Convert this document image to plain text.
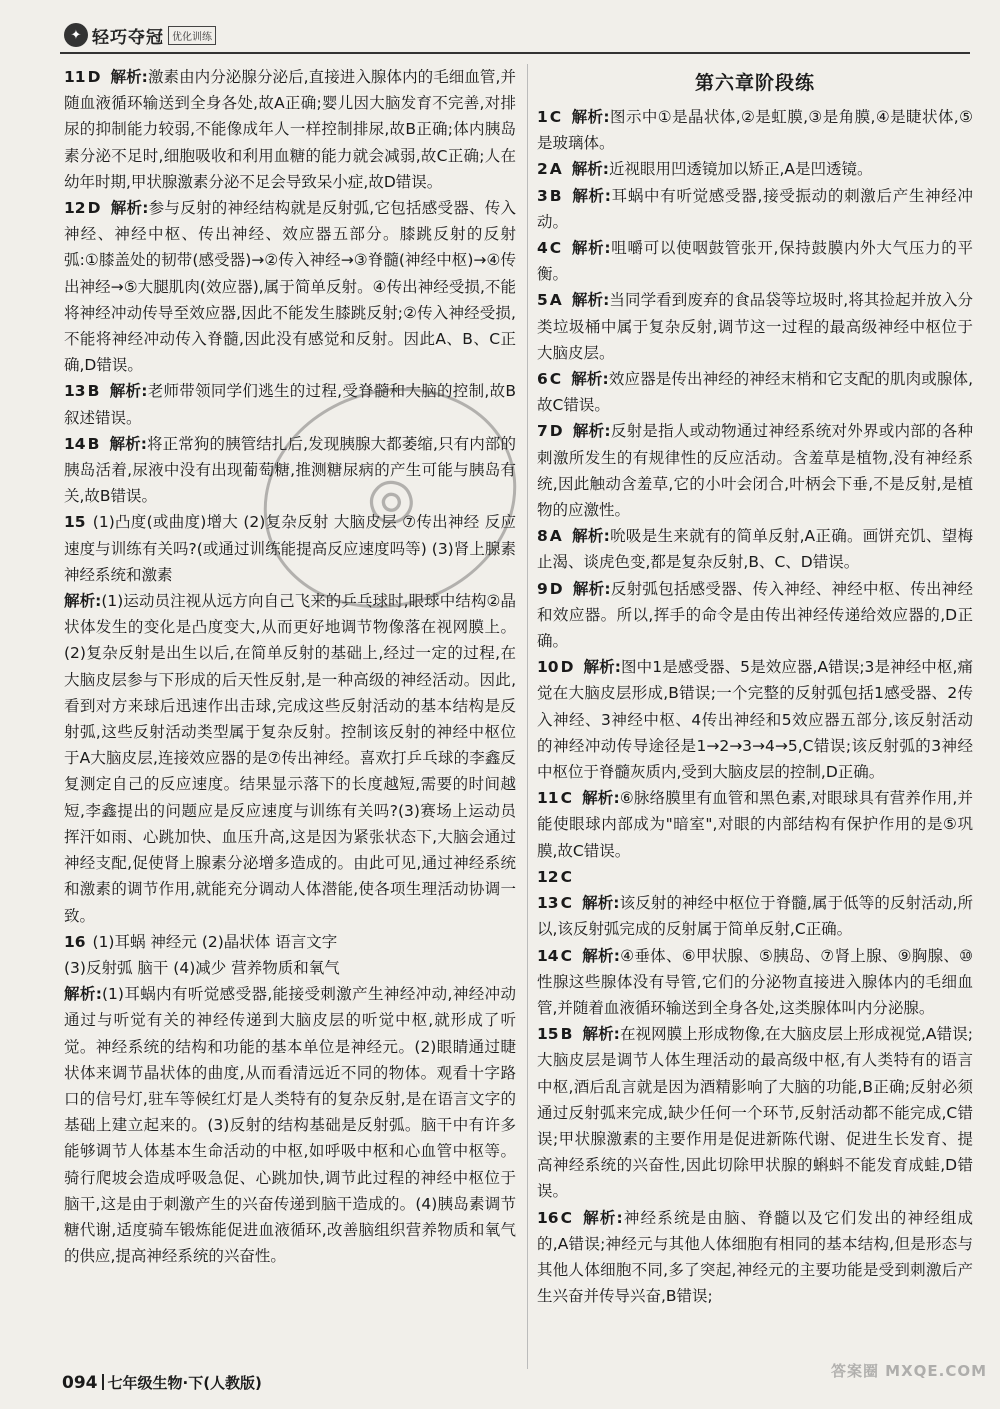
✦ 轻巧夺冠 优化训练
11 D 解析:激素由内分泌腺分泌后,直接进入腺体内的毛细血管,并随血液循环输送到全身各处,故A正确;婴儿因大脑发育不完善,对排尿的抑制能力较弱,不能像成年人一样控制排尿,故B正确;体内胰岛素分泌不足时,细胞吸收和利用血糖的能力就会减弱,故C正确;人在幼年时期,甲状腺激素分泌不足会导致呆小症,故D错误。
12 D 解析:参与反射的神经结构就是反射弧,它包括感受器、传入神经、神经中枢、传出神经、效应器五部分。膝跳反射的反射弧:①膝盖处的韧带(感受器)→②传入神经→③脊髓(神经中枢)→④传出神经→⑤大腿肌肉(效应器),属于简单反射。④传出神经受损,不能将神经冲动传导至效应器,因此不能发生膝跳反射;②传入神经受损,不能将神经冲动传入脊髓,因此没有感觉和反射。因此A、B、C正确,D错误。
13 B 解析:老师带领同学们逃生的过程,受脊髓和大脑的控制,故B叙述错误。
14 B 解析:将正常狗的胰管结扎后,发现胰腺大都萎缩,只有内部的胰岛活着,尿液中没有出现葡萄糖,推测糖尿病的产生可能与胰岛有关,故B错误。
15 (1)凸度(或曲度)增大 (2)复杂反射 大脑皮层 ⑦传出神经 反应速度与训练有关吗?(或通过训练能提高反应速度吗等) (3)肾上腺素 神经系统和激素
解析:(1)运动员注视从远方向自己飞来的乒乓球时,眼球中结构②晶状体发生的变化是凸度变大,从而更好地调节物像落在视网膜上。(2)复杂反射是出生以后,在简单反射的基础上,经过一定的过程,在大脑皮层参与下形成的后天性反射,是一种高级的神经活动。因此,看到对方来球后迅速作出击球,完成这些反射活动的基本结构是反射弧,这些反射活动类型属于复杂反射。控制该反射的神经中枢位于A大脑皮层,连接效应器的是⑦传出神经。喜欢打乒乓球的李鑫反复测定自己的反应速度。结果显示落下的长度越短,需要的时间越短,李鑫提出的问题应是反应速度与训练有关吗?(3)赛场上运动员挥汗如雨、心跳加快、血压升高,这是因为紧张状态下,大脑会通过神经支配,促使肾上腺素分泌增多造成的。由此可见,通过神经系统和激素的调节作用,就能充分调动人体潜能,使各项生理活动协调一致。
16 (1)耳蜗 神经元 (2)晶状体 语言文字
(3)反射弧 脑干 (4)减少 营养物质和氧气
解析:(1)耳蜗内有听觉感受器,能接受刺激产生神经冲动,神经冲动通过与听觉有关的神经传递到大脑皮层的听觉中枢,就形成了听觉。神经系统的结构和功能的基本单位是神经元。(2)眼睛通过睫状体来调节晶状体的曲度,从而看清远近不同的物体。观看十字路口的信号灯,驻车等候红灯是人类特有的复杂反射,是在语言文字的基础上建立起来的。(3)反射的结构基础是反射弧。脑干中有许多能够调节人体基本生命活动的中枢,如呼吸中枢和心血管中枢等。骑行爬坡会造成呼吸急促、心跳加快,调节此过程的神经中枢位于脑干,这是由于刺激产生的兴奋传递到脑干造成的。(4)胰岛素调节糖代谢,适度骑车锻炼能促进血液循环,改善脑组织营养物质和氧气的供应,提高神经系统的兴奋性。
第六章阶段练
1 C 解析:图示中①是晶状体,②是虹膜,③是角膜,④是睫状体,⑤是玻璃体。
2 A 解析:近视眼用凹透镜加以矫正,A是凹透镜。
3 B 解析:耳蜗中有听觉感受器,接受振动的刺激后产生神经冲动。
4 C 解析:咀嚼可以使咽鼓管张开,保持鼓膜内外大气压力的平衡。
5 A 解析:当同学看到废弃的食品袋等垃圾时,将其捡起并放入分类垃圾桶中属于复杂反射,调节这一过程的最高级神经中枢位于大脑皮层。
6 C 解析:效应器是传出神经的神经末梢和它支配的肌肉或腺体,故C错误。
7 D 解析:反射是指人或动物通过神经系统对外界或内部的各种刺激所发生的有规律性的反应活动。含羞草是植物,没有神经系统,因此触动含羞草,它的小叶会闭合,叶柄会下垂,不是反射,是植物的应激性。
8 A 解析:吮吸是生来就有的简单反射,A正确。画饼充饥、望梅止渴、谈虎色变,都是复杂反射,B、C、D错误。
9 D 解析:反射弧包括感受器、传入神经、神经中枢、传出神经和效应器。所以,挥手的命令是由传出神经传递给效应器的,D正确。
10 D 解析:图中1是感受器、5是效应器,A错误;3是神经中枢,痛觉在大脑皮层形成,B错误;一个完整的反射弧包括1感受器、2传入神经、3神经中枢、4传出神经和5效应器五部分,该反射活动的神经冲动传导途径是1→2→3→4→5,C错误;该反射弧的3神经中枢位于脊髓灰质内,受到大脑皮层的控制,D正确。
11 C 解析:⑥脉络膜里有血管和黑色素,对眼球具有营养作用,并能使眼球内部成为"暗室",对眼的内部结构有保护作用的是⑤巩膜,故C错误。
12 C
13 C 解析:该反射的神经中枢位于脊髓,属于低等的反射活动,所以,该反射弧完成的反射属于简单反射,C正确。
14 C 解析:④垂体、⑥甲状腺、⑤胰岛、⑦肾上腺、⑨胸腺、⑩性腺这些腺体没有导管,它们的分泌物直接进入腺体内的毛细血管,并随着血液循环输送到全身各处,这类腺体叫内分泌腺。
15 B 解析:在视网膜上形成物像,在大脑皮层上形成视觉,A错误;大脑皮层是调节人体生理活动的最高级中枢,有人类特有的语言中枢,酒后乱言就是因为酒精影响了大脑的功能,B正确;反射必须通过反射弧来完成,缺少任何一个环节,反射活动都不能完成,C错误;甲状腺激素的主要作用是促进新陈代谢、促进生长发育、提高神经系统的兴奋性,因此切除甲状腺的蝌蚪不能发育成蛙,D错误。
16 C 解析:神经系统是由脑、脊髓以及它们发出的神经组成的,A错误;神经元与其他人体细胞有相同的基本结构,但是形态与其他人体细胞不同,多了突起,神经元的主要功能是受到刺激后产生兴奋并传导兴奋,B错误;
◎
094 七年级生物·下(人教版)
答案圈 MXQE.COM
